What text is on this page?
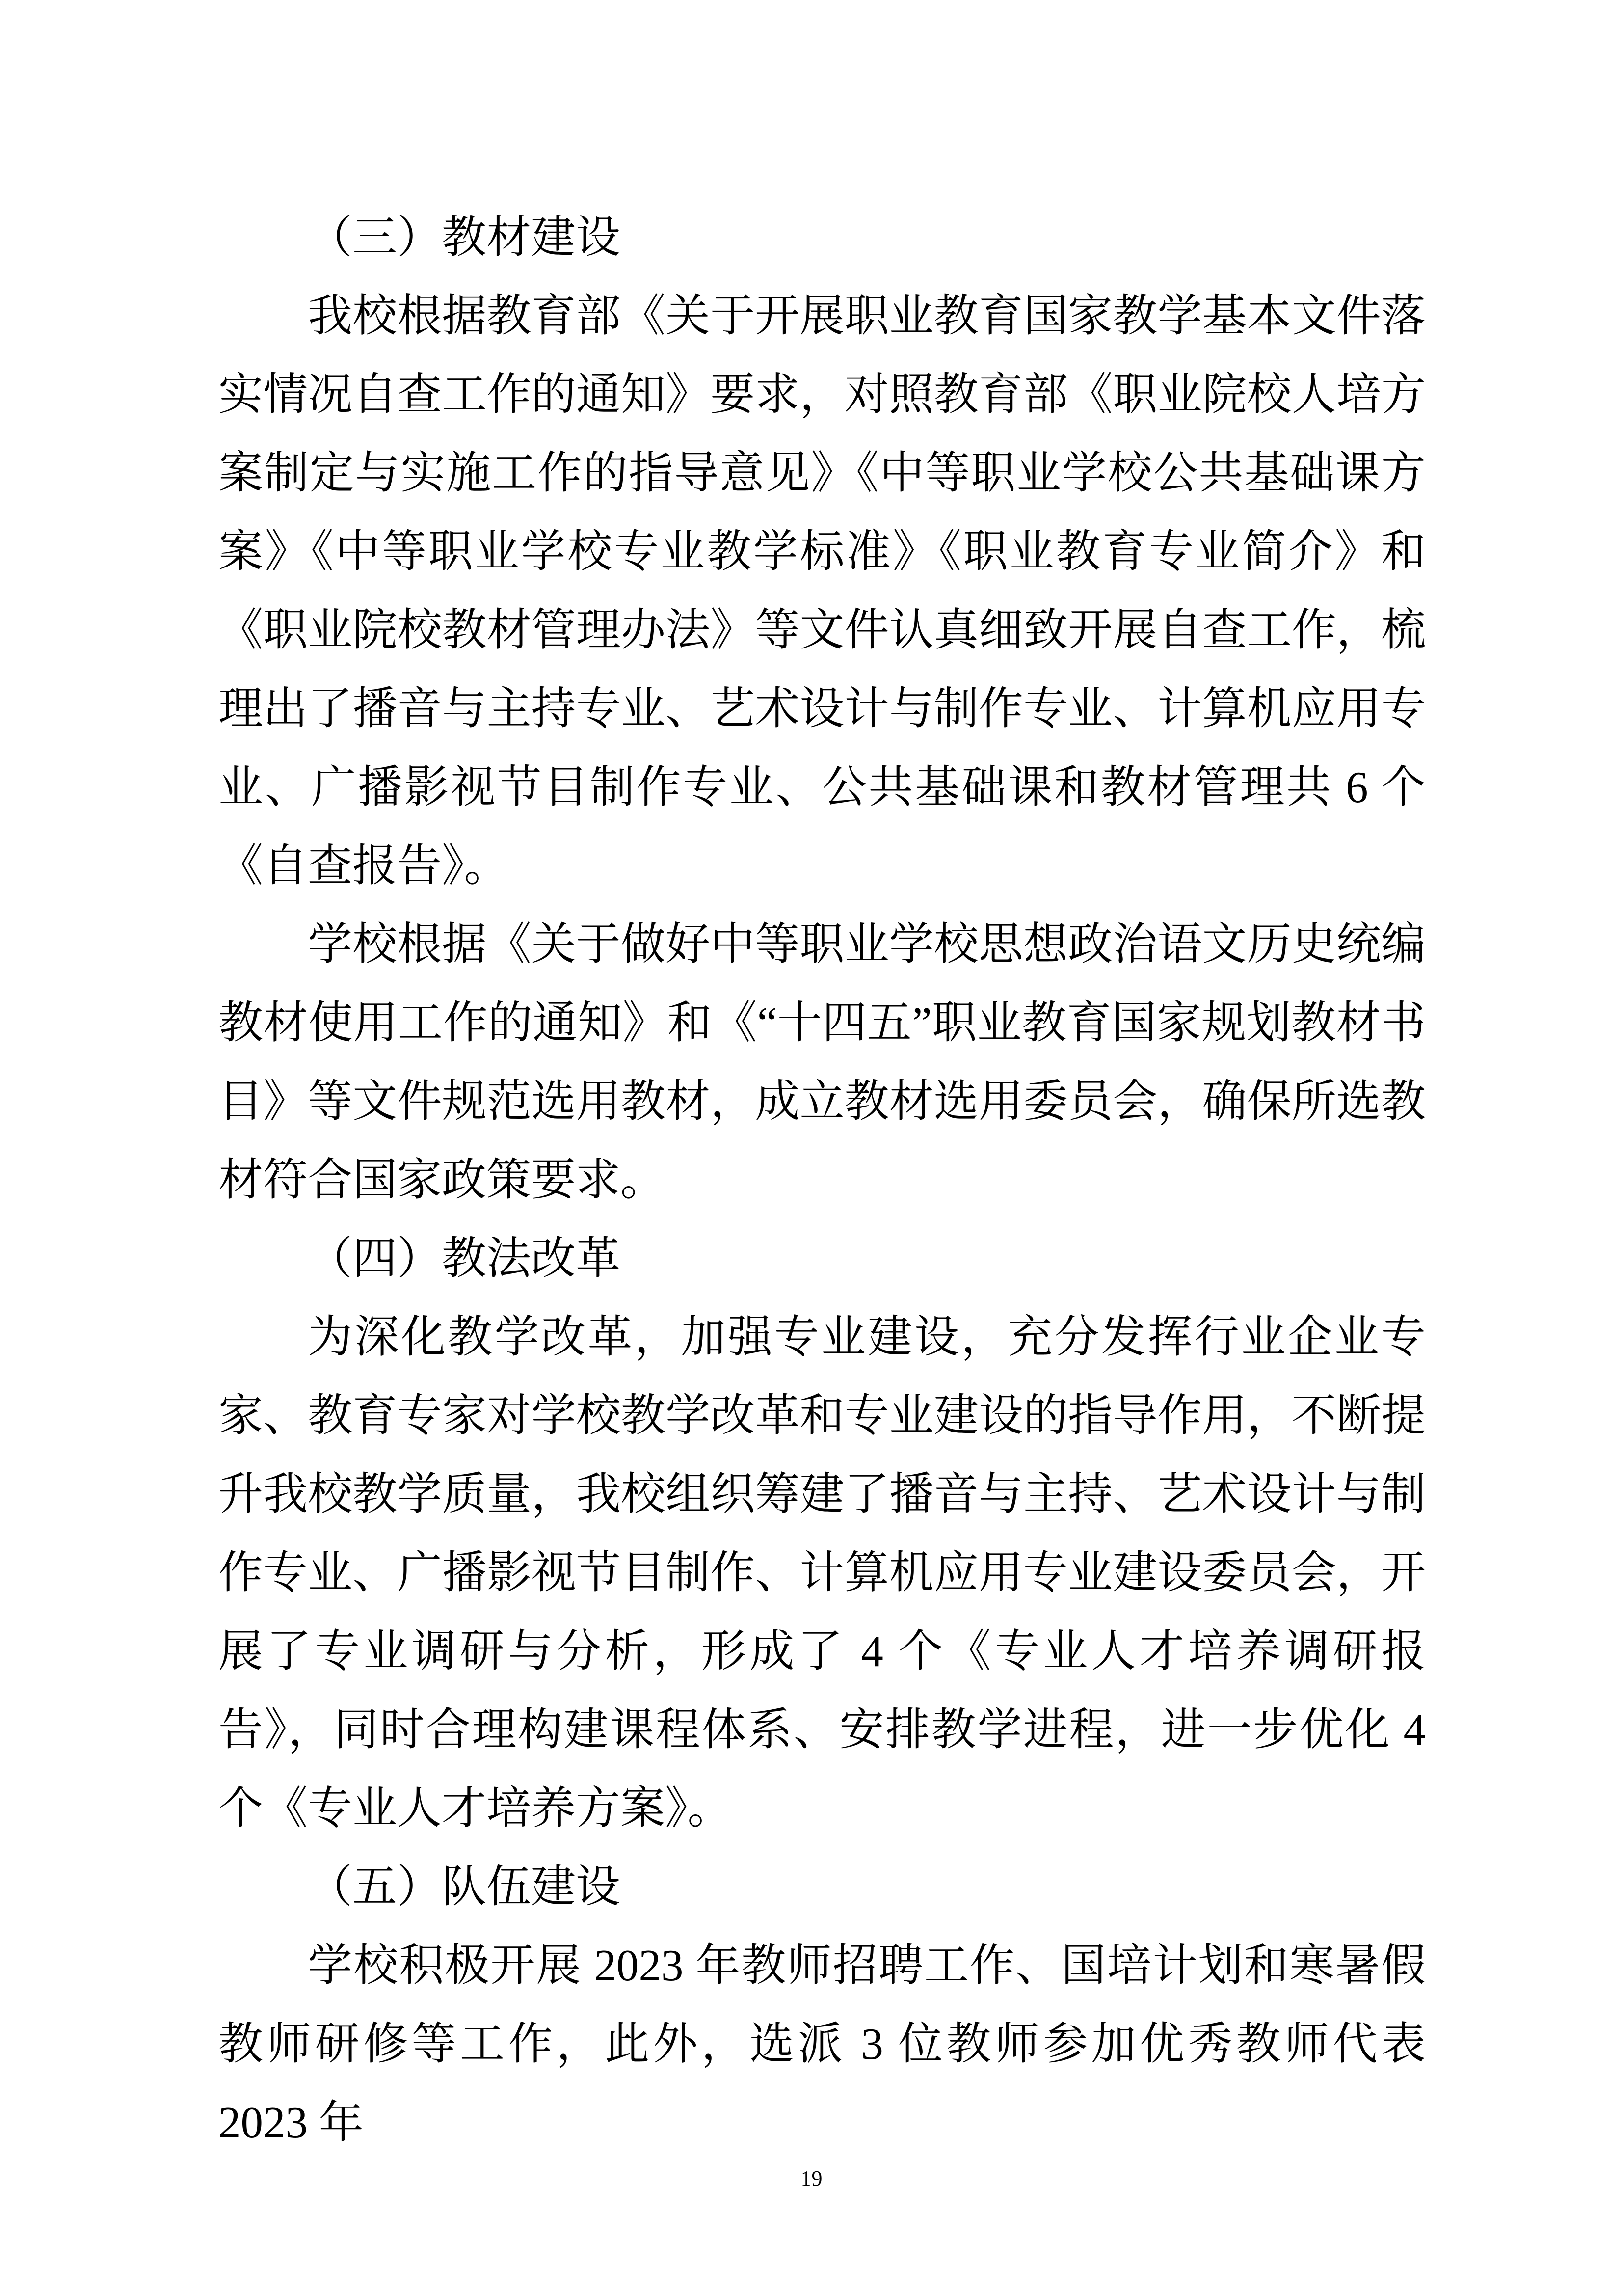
（三）教材建设
我校根据教育部《关于开展职业教育国家教学基本文件落实情况自查工作的通知》要求，对照教育部《职业院校人培方案制定与实施工作的指导意见》《中等职业学校公共基础课方案》《中等职业学校专业教学标准》《职业教育专业简介》和《职业院校教材管理办法》等文件认真细致开展自查工作，梳理出了播音与主持专业、艺术设计与制作专业、计算机应用专业、广播影视节目制作专业、公共基础课和教材管理共 6 个《自查报告》。
学校根据《关于做好中等职业学校思想政治语文历史统编教材使用工作的通知》和《“十四五”职业教育国家规划教材书目》等文件规范选用教材，成立教材选用委员会，确保所选教材符合国家政策要求。
（四）教法改革
为深化教学改革，加强专业建设，充分发挥行业企业专家、教育专家对学校教学改革和专业建设的指导作用，不断提升我校教学质量，我校组织筹建了播音与主持、艺术设计与制作专业、广播影视节目制作、计算机应用专业建设委员会，开展了专业调研与分析，形成了 4 个《专业人才培养调研报告》，同时合理构建课程体系、安排教学进程，进一步优化 4 个《专业人才培养方案》。
（五）队伍建设
学校积极开展 2023 年教师招聘工作、国培计划和寒暑假教师研修等工作，此外，选派 3 位教师参加优秀教师代表 2023 年
19
